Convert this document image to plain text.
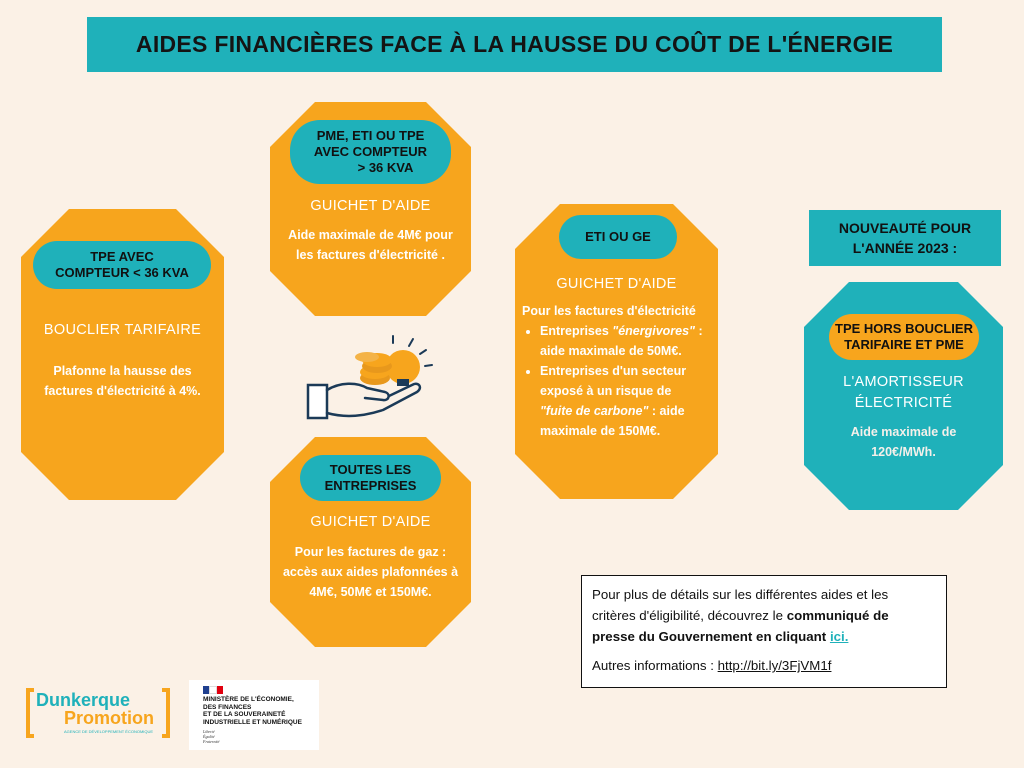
AIDES FINANCIÈRES FACE À LA HAUSSE DU COÛT DE L'ÉNERGIE
TPE AVEC
COMPTEUR < 36 KVA
BOUCLIER TARIFAIRE
Plafonne la hausse des
factures d'électricité à 4%.
PME, ETI OU TPE
AVEC COMPTEUR
> 36 KVA
GUICHET D'AIDE
Aide maximale de 4M€ pour
les factures d'électricité .
TOUTES LES
ENTREPRISES
GUICHET D'AIDE
Pour les factures de gaz :
accès aux aides plafonnées à
4M€, 50M€ et 150M€.
ETI OU GE
GUICHET D'AIDE
Pour les factures d'électricité
• Entreprises "énergivores" :
aide maximale de 50M€.
• Entreprises d'un secteur
exposé à un risque de
"fuite de carbone" : aide
maximale de 150M€.
NOUVEAUTÉ POUR
L'ANNÉE 2023 :
TPE HORS BOUCLIER
TARIFAIRE ET PME
L'AMORTISSEUR
ÉLECTRICITÉ
Aide maximale de
120€/MWh.
Pour plus de détails sur les différentes aides et les
critères d'éligibilité, découvrez le communiqué de
presse du Gouvernement en cliquant ici.
Autres informations : http://bit.ly/3FjVM1f
Dunkerque
Promotion
AGENCE DE DÉVELOPPEMENT ÉCONOMIQUE
MINISTÈRE DE L'ÉCONOMIE,
DES FINANCES
ET DE LA SOUVERAINETÉ
INDUSTRIELLE ET NUMÉRIQUE
Liberté
Égalité
Fraternité
